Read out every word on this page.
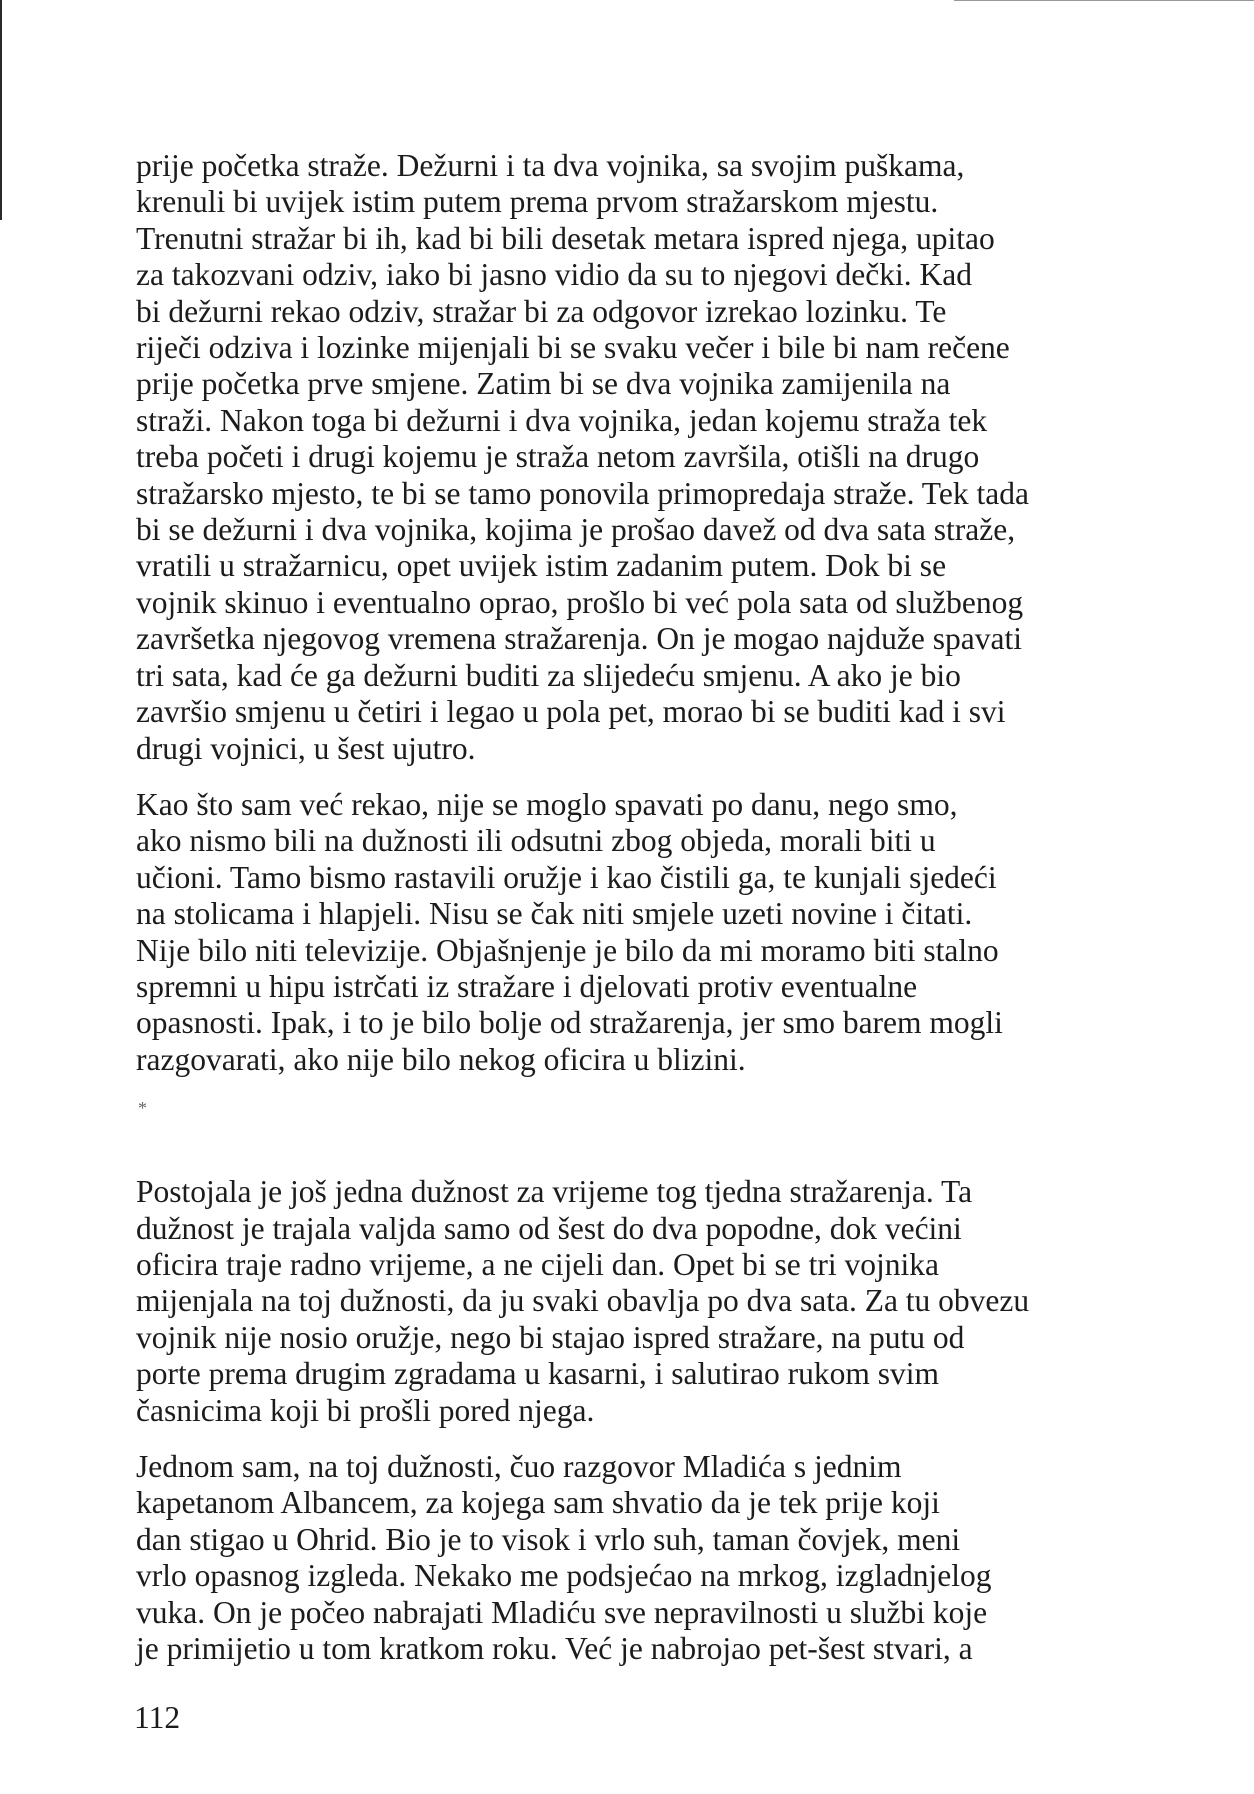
prije početka straže. Dežurni i ta dva vojnika, sa svojim puškama,
krenuli bi uvijek istim putem prema prvom stražarskom mjestu.
Trenutni stražar bi ih, kad bi bili desetak metara ispred njega, upitao
za takozvani odziv, iako bi jasno vidio da su to njegovi dečki. Kad
bi dežurni rekao odziv, stražar bi za odgovor izrekao lozinku. Te
riječi odziva i lozinke mijenjali bi se svaku večer i bile bi nam rečene
prije početka prve smjene. Zatim bi se dva vojnika zamijenila na
straži. Nakon toga bi dežurni i dva vojnika, jedan kojemu straža tek
treba početi i drugi kojemu je straža netom završila, otišli na drugo
stražarsko mjesto, te bi se tamo ponovila primopredaja straže. Tek tada
bi se dežurni i dva vojnika, kojima je prošao davež od dva sata straže,
vratili u stražarnicu, opet uvijek istim zadanim putem. Dok bi se
vojnik skinuo i eventualno oprao, prošlo bi već pola sata od službenog
završetka njegovog vremena stražarenja. On je mogao najduže spavati
tri sata, kad će ga dežurni buditi za slijedeću smjenu. A ako je bio
završio smjenu u četiri i legao u pola pet, morao bi se buditi kad i svi
drugi vojnici, u šest ujutro.

Kao što sam već rekao, nije se moglo spavati po danu, nego smo,
ako nismo bili na dužnosti ili odsutni zbog objeda, morali biti u
učioni. Tamo bismo rastavili oružje i kao čistili ga, te kunjali sjedeći
na stolicama i hlapjeli. Nisu se čak niti smjele uzeti novine i čitati.
Nije bilo niti televizije. Objašnjenje je bilo da mi moramo biti stalno
spremni u hipu istrčati iz stražare i djelovati protiv eventualne
opasnosti. Ipak, i to je bilo bolje od stražarenja, jer smo barem mogli
razgovarati, ako nije bilo nekog oficira u blizini.

*

Postojala je još jedna dužnost za vrijeme tog tjedna stražarenja. Ta
dužnost je trajala valjda samo od šest do dva popodne, dok većini
oficira traje radno vrijeme, a ne cijeli dan. Opet bi se tri vojnika
mijenjala na toj dužnosti, da ju svaki obavlja po dva sata. Za tu obvezu
vojnik nije nosio oružje, nego bi stajao ispred stražare, na putu od
porte prema drugim zgradama u kasarni, i salutirao rukom svim
časnicima koji bi prošli pored njega.

Jednom sam, na toj dužnosti, čuo razgovor Mladića s jednim
kapetanom Albancem, za kojega sam shvatio da je tek prije koji
dan stigao u Ohrid. Bio je to visok i vrlo suh, taman čovjek, meni
vrlo opasnog izgleda. Nekako me podsjećao na mrkog, izgladnjelog
vuka. On je počeo nabrajati Mladiću sve nepravilnosti u službi koje
je primijetio u tom kratkom roku. Već je nabrojao pet-šest stvari, a

112
